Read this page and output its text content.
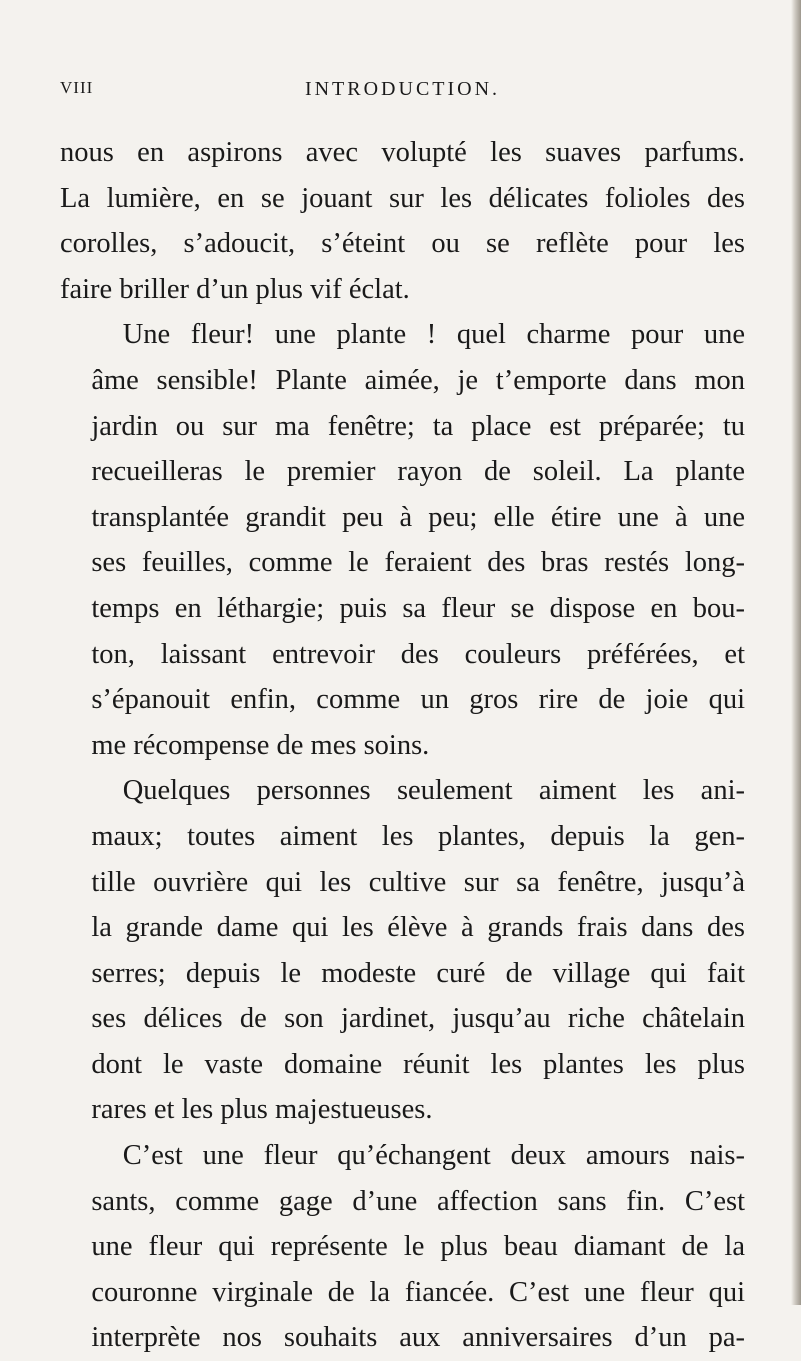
VIII	INTRODUCTION.

nous en aspirons avec volupté les suaves parfums.
La lumière, en se jouant sur les délicates folioles des
corolles, s’adoucit, s’éteint ou se reflète pour les
faire briller d’un plus vif éclat.

Une fleur! une plante ! quel charme pour une
âme sensible! Plante aimée, je t’emporte dans mon
jardin ou sur ma fenêtre; ta place est préparée; tu
recueilleras le premier rayon de soleil. La plante
transplantée grandit peu à peu; elle étire une à une
ses feuilles, comme le feraient des bras restés long-
temps en léthargie; puis sa fleur se dispose en bou-
ton, laissant entrevoir des couleurs préférées, et
s’épanouit enfin, comme un gros rire de joie qui
me récompense de mes soins.

Quelques personnes seulement aiment les ani-
maux; toutes aiment les plantes, depuis la gen-
tille ouvrière qui les cultive sur sa fenêtre, jusqu’à
la grande dame qui les élève à grands frais dans des
serres; depuis le modeste curé de village qui fait
ses délices de son jardinet, jusqu’au riche châtelain
dont le vaste domaine réunit les plantes les plus
rares et les plus majestueuses.

C’est une fleur qu’échangent deux amours nais-
sants, comme gage d’une affection sans fin. C’est
une fleur qui représente le plus beau diamant de la
couronne virginale de la fiancée. C’est une fleur qui
interprète nos souhaits aux anniversaires d’un pa-
